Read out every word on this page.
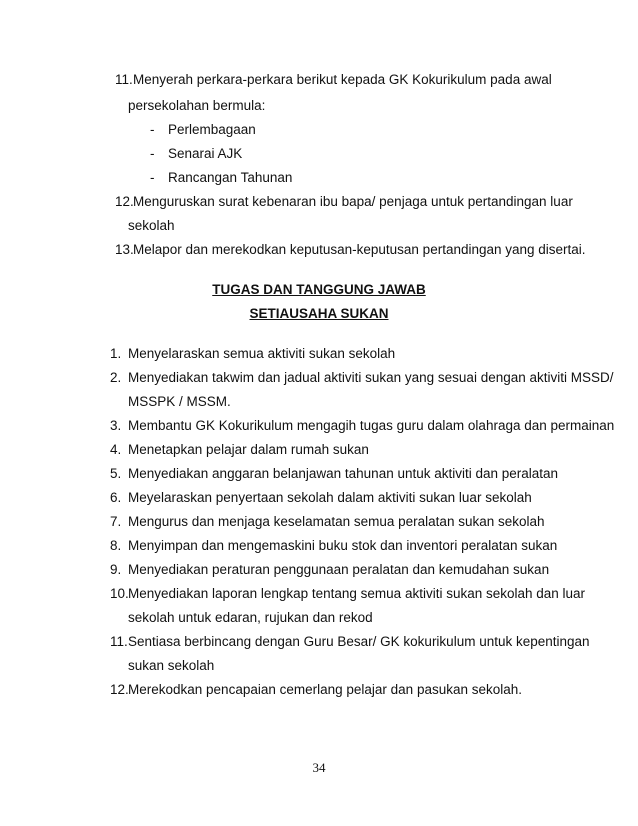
11. Menyerah perkara-perkara berikut kepada GK Kokurikulum pada awal
persekolahan bermula:
- Perlembagaan
- Senarai AJK
- Rancangan Tahunan
12. Menguruskan surat kebenaran ibu bapa/ penjaga untuk pertandingan luar
sekolah
13. Melapor dan merekodkan keputusan-keputusan pertandingan yang disertai.
TUGAS DAN TANGGUNG JAWAB
SETIAUSAHA SUKAN
1. Menyelaraskan semua aktiviti sukan sekolah
2. Menyediakan takwim dan jadual aktiviti sukan yang sesuai dengan aktiviti MSSD/
MSSPK / MSSM.
3. Membantu GK Kokurikulum mengagih tugas guru dalam olahraga dan permainan
4. Menetapkan pelajar dalam rumah sukan
5. Menyediakan anggaran belanjawan tahunan untuk aktiviti dan peralatan
6. Meyelaraskan penyertaan sekolah dalam aktiviti sukan luar sekolah
7. Mengurus dan menjaga keselamatan semua peralatan sukan sekolah
8. Menyimpan dan mengemaskini buku stok dan inventori peralatan sukan
9. Menyediakan peraturan penggunaan peralatan dan kemudahan sukan
10. Menyediakan laporan lengkap tentang semua aktiviti sukan sekolah dan luar
sekolah untuk edaran, rujukan dan rekod
11. Sentiasa berbincang dengan Guru Besar/ GK kokurikulum untuk kepentingan
sukan sekolah
12. Merekodkan pencapaian cemerlang pelajar dan pasukan sekolah.
34
